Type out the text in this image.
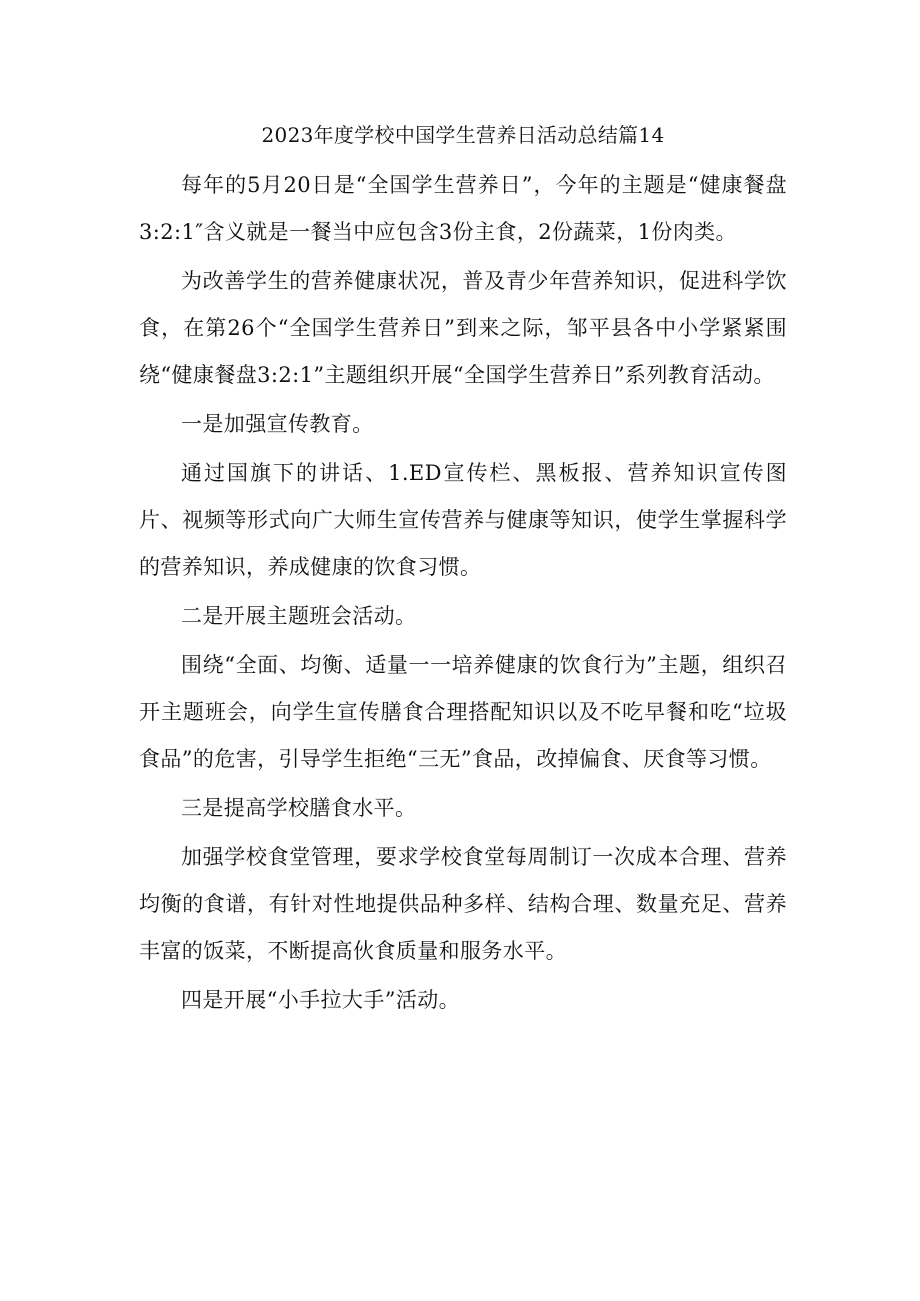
2023年度学校中国学生营养日活动总结篇14

每年的5月20日是“全国学生营养日”，今年的主题是“健康餐盘3:2:1″含义就是一餐当中应包含3份主食，2份蔬菜，1份肉类。

为改善学生的营养健康状况，普及青少年营养知识，促进科学饮食，在第26个“全国学生营养日”到来之际，邹平县各中小学紧紧围绕“健康餐盘3:2:1”主题组织开展“全国学生营养日”系列教育活动。

一是加强宣传教育。

通过国旗下的讲话、1.ED宣传栏、黑板报、营养知识宣传图片、视频等形式向广大师生宣传营养与健康等知识，使学生掌握科学的营养知识，养成健康的饮食习惯。

二是开展主题班会活动。

围绕“全面、均衡、适量一一培养健康的饮食行为”主题，组织召开主题班会，向学生宣传膳食合理搭配知识以及不吃早餐和吃“垃圾食品”的危害，引导学生拒绝“三无”食品，改掉偏食、厌食等习惯。

三是提高学校膳食水平。

加强学校食堂管理，要求学校食堂每周制订一次成本合理、营养均衡的食谱，有针对性地提供品种多样、结构合理、数量充足、营养丰富的饭菜，不断提高伙食质量和服务水平。

四是开展“小手拉大手”活动。
